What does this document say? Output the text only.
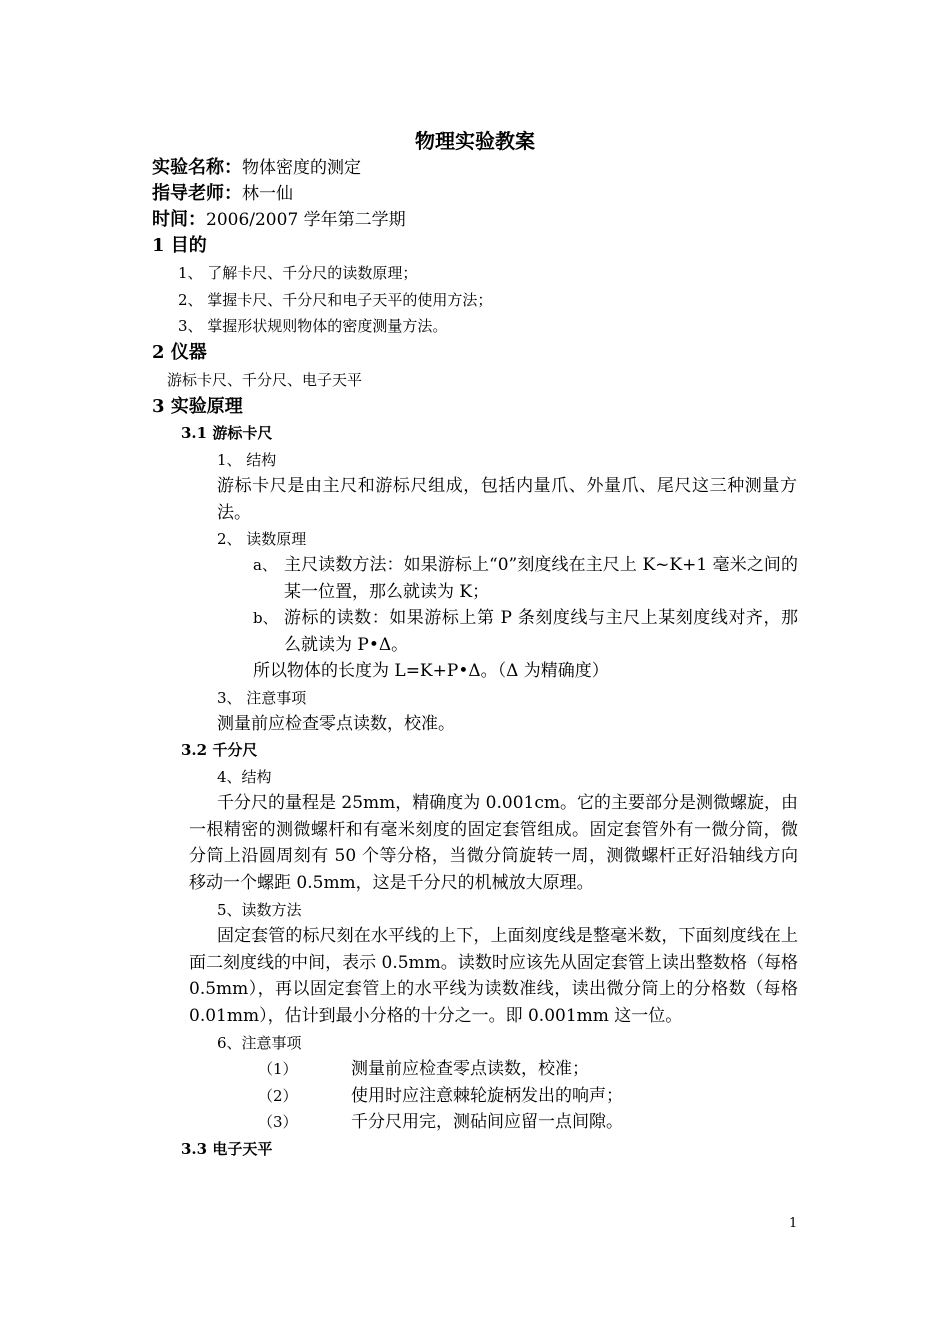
物理实验教案
实验名称：物体密度的测定
指导老师：林一仙
时间：2006/2007 学年第二学期
1 目的
1、 了解卡尺、千分尺的读数原理；
2、 掌握卡尺、千分尺和电子天平的使用方法；
3、 掌握形状规则物体的密度测量方法。
2 仪器
游标卡尺、千分尺、电子天平
3 实验原理
3.1 游标卡尺
1、 结构
游标卡尺是由主尺和游标尺组成，包括内量爪、外量爪、尾尺这三种测量方法。
2、 读数原理
a、 主尺读数方法：如果游标上“0”刻度线在主尺上 K~K+1 毫米之间的某一位置，那么就读为 K；
b、 游标的读数：如果游标上第 P 条刻度线与主尺上某刻度线对齐，那么就读为 P•Δ。
所以物体的长度为 L=K+P•Δ。（Δ 为精确度）
3、 注意事项
测量前应检查零点读数，校准。
3.2 千分尺
4、结构
千分尺的量程是 25mm，精确度为 0.001cm。它的主要部分是测微螺旋，由一根精密的测微螺杆和有毫米刻度的固定套管组成。固定套管外有一微分筒，微分筒上沿圆周刻有 50 个等分格，当微分筒旋转一周，测微螺杆正好沿轴线方向移动一个螺距 0.5mm，这是千分尺的机械放大原理。
5、读数方法
固定套管的标尺刻在水平线的上下，上面刻度线是整毫米数，下面刻度线在上面二刻度线的中间，表示 0.5mm。读数时应该先从固定套管上读出整数格（每格 0.5mm），再以固定套管上的水平线为读数准线，读出微分筒上的分格数（每格 0.01mm），估计到最小分格的十分之一。即 0.001mm 这一位。
6、注意事项
（1）	测量前应检查零点读数，校准；
（2）	使用时应注意棘轮旋柄发出的响声；
（3）	千分尺用完，测砧间应留一点间隙。
3.3 电子天平
1
